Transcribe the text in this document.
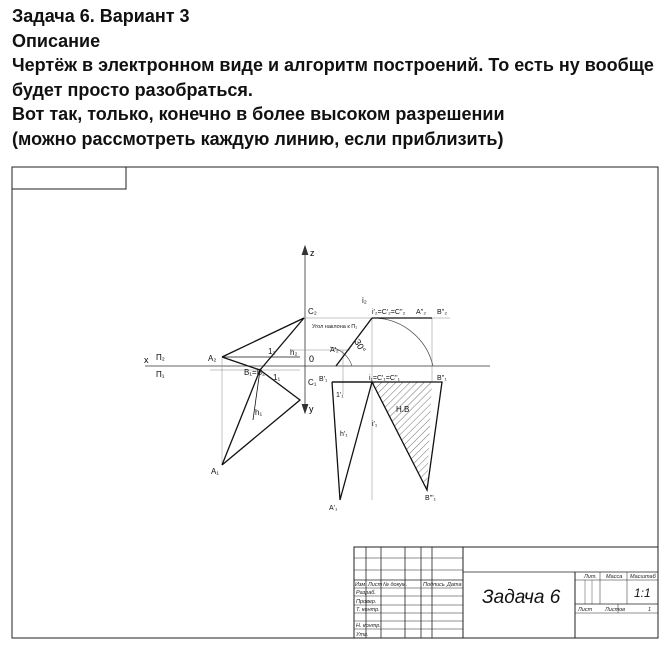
Задача 6. Вариант 3
Описание
Чертёж в электронном виде и алгоритм построений. То есть ну вообще
будет просто разобраться.
Вот так, только, конечно в более высоком разрешении
(можно рассмотреть каждую линию, если приблизить)
z
y
x Π₂
Π₁
0
A₂
C₂
B₁=B₂
C₁
A₁
1₂
1₁
h₂
h₁
Угол наклона к Π₁
30°
i₂
i'₂=C'₂=C''₂ A''₂ B''₂
A'₂
B'₁
1'₁
i₁=C'₁=C''₁	B''₁
H.B
i'₁
h'₁
A'₁
B'''₁
Изм Лист № докум.	Подпись Дата
Разраб.
Провер.
Т. контр.
Н. контр.
Утв.
Лит. Масса Масштаб
Лист Листов	1
Задача 6	1:1
